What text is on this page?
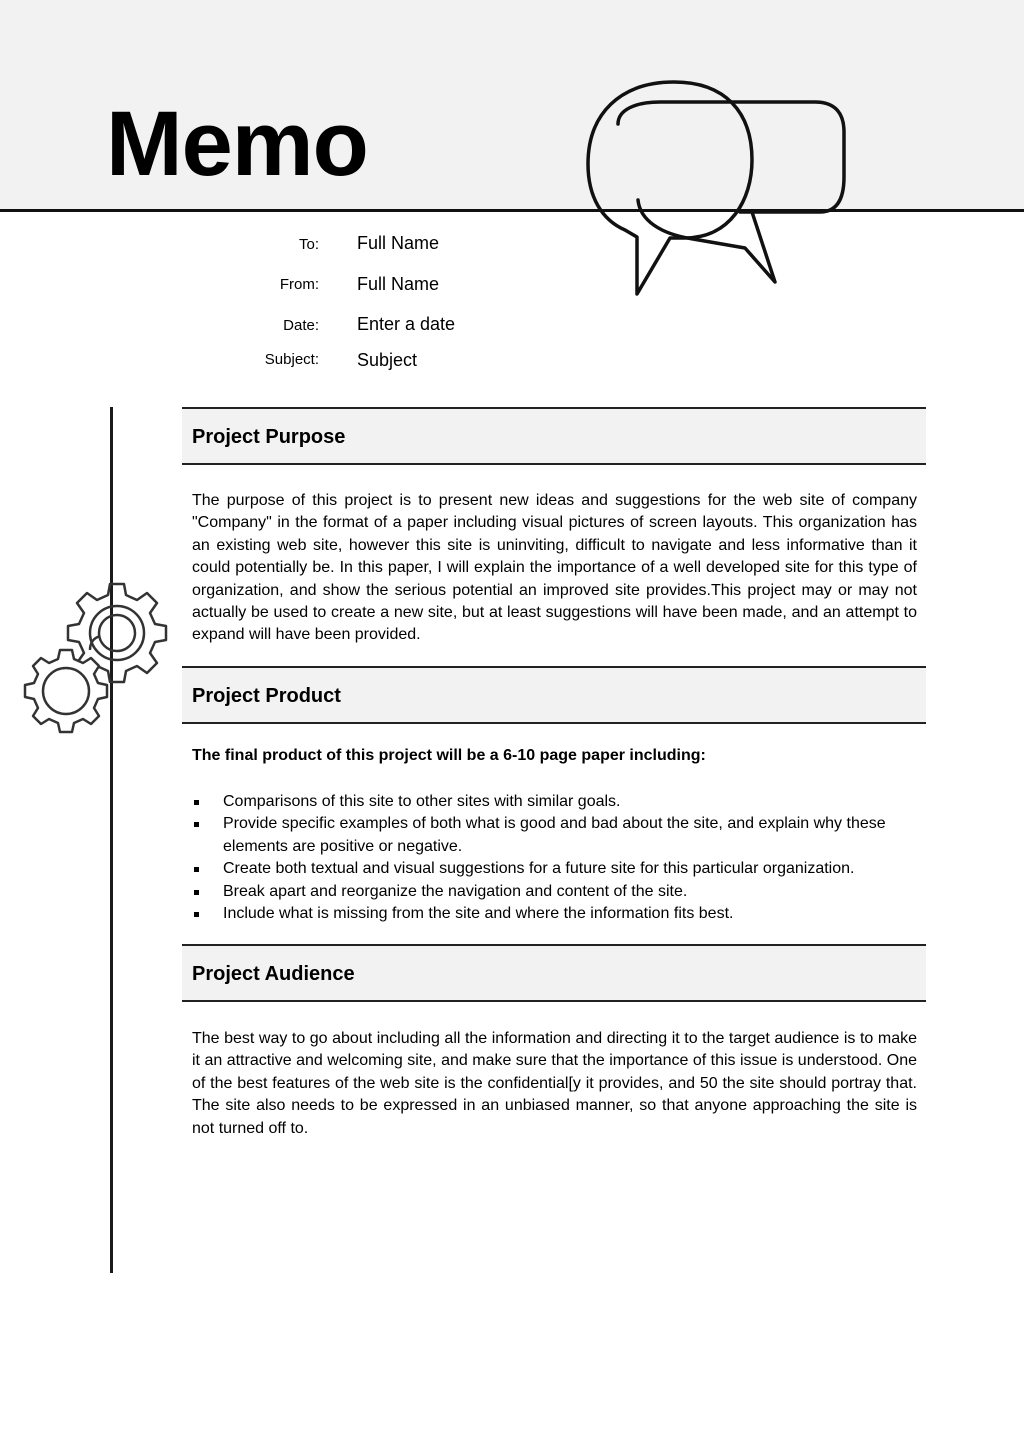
Memo
To: Full Name
From: Full Name
Date: Enter a date
Subject: Subject
Project Purpose

The purpose of this project is to present new ideas and suggestions for the web site of company "Company" in the format of a paper including visual pictures of screen layouts. This organization has an existing web site, however this site is uninviting, difficult to navigate and less informative than it could potentially be. In this paper, I will explain the importance of a well developed site for this type of organization, and show the serious potential an improved site provides.This project may or may not actually be used to create a new site, but at least suggestions will have been made, and an attempt to expand will have been provided.

Project Product
The final product of this project will be a 6-10 page paper including:
Comparisons of this site to other sites with similar goals.
Provide specific examples of both what is good and bad about the site, and explain why these elements are positive or negative.
Create both textual and visual suggestions for a future site for this particular organization.
Break apart and reorganize the navigation and content of the site.
Include what is missing from the site and where the information fits best.
Project Audience

The best way to go about including all the information and directing it to the target audience is to make it an attractive and welcoming site, and make sure that the importance of this issue is understood. One of the best features of the web site is the confidential[y it provides, and 50 the site should portray that. The site also needs to be expressed in an unbiased manner, so that anyone approaching the site is not turned off to.
